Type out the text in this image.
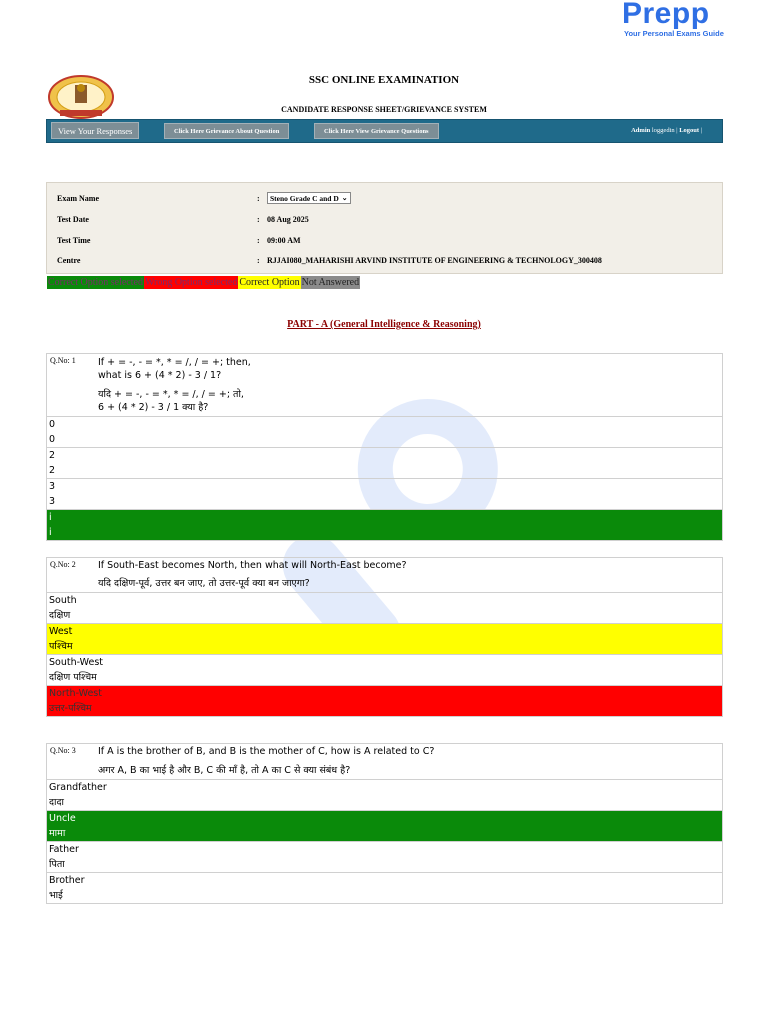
Prepp
Your Personal Exams Guide
SSC ONLINE EXAMINATION
CANDIDATE RESPONSE SHEET/GRIEVANCE SYSTEM
View Your Responses	Click Here Grievance About Question	Click Here View Grievance Questions	Admin loggedin | Logout |
Exam Name	:	Steno Grade C and D ⌄
Test Date	: 08 Aug 2025
Test Time	: 09:00 AM
Centre	: RJJAI080_MAHARISHI ARVIND INSTITUTE OF ENGINEERING & TECHNOLOGY_300408
Correct Option selected Wrong Option selected Correct Option Not Answered
PART - A (General Intelligence & Reasoning)
Q.No: 1 If + = -, - = *, * = /, / = +; then,
what is 6 + (4 * 2) - 3 / 1?
यदि + = -, - = *, * = /, / = +; तो,
6 + (4 * 2) - 3 / 1 क्या है?
0
0
2
2
3
3
i
i
Q.No: 2 If South-East becomes North, then what will North-East become?
यदि दक्षिण-पूर्व, उत्तर बन जाए, तो उत्तर-पूर्व क्या बन जाएगा?
South
दक्षिण
West
पश्चिम
South-West
दक्षिण पश्चिम
North-West
उत्तर-पश्चिम
Q.No: 3 If A is the brother of B, and B is the mother of C, how is A related to C?
अगर A, B का भाई है और B, C की माँ है, तो A का C से क्या संबंध है?
Grandfather
दादा
Uncle
मामा
Father
पिता
Brother
भाई
